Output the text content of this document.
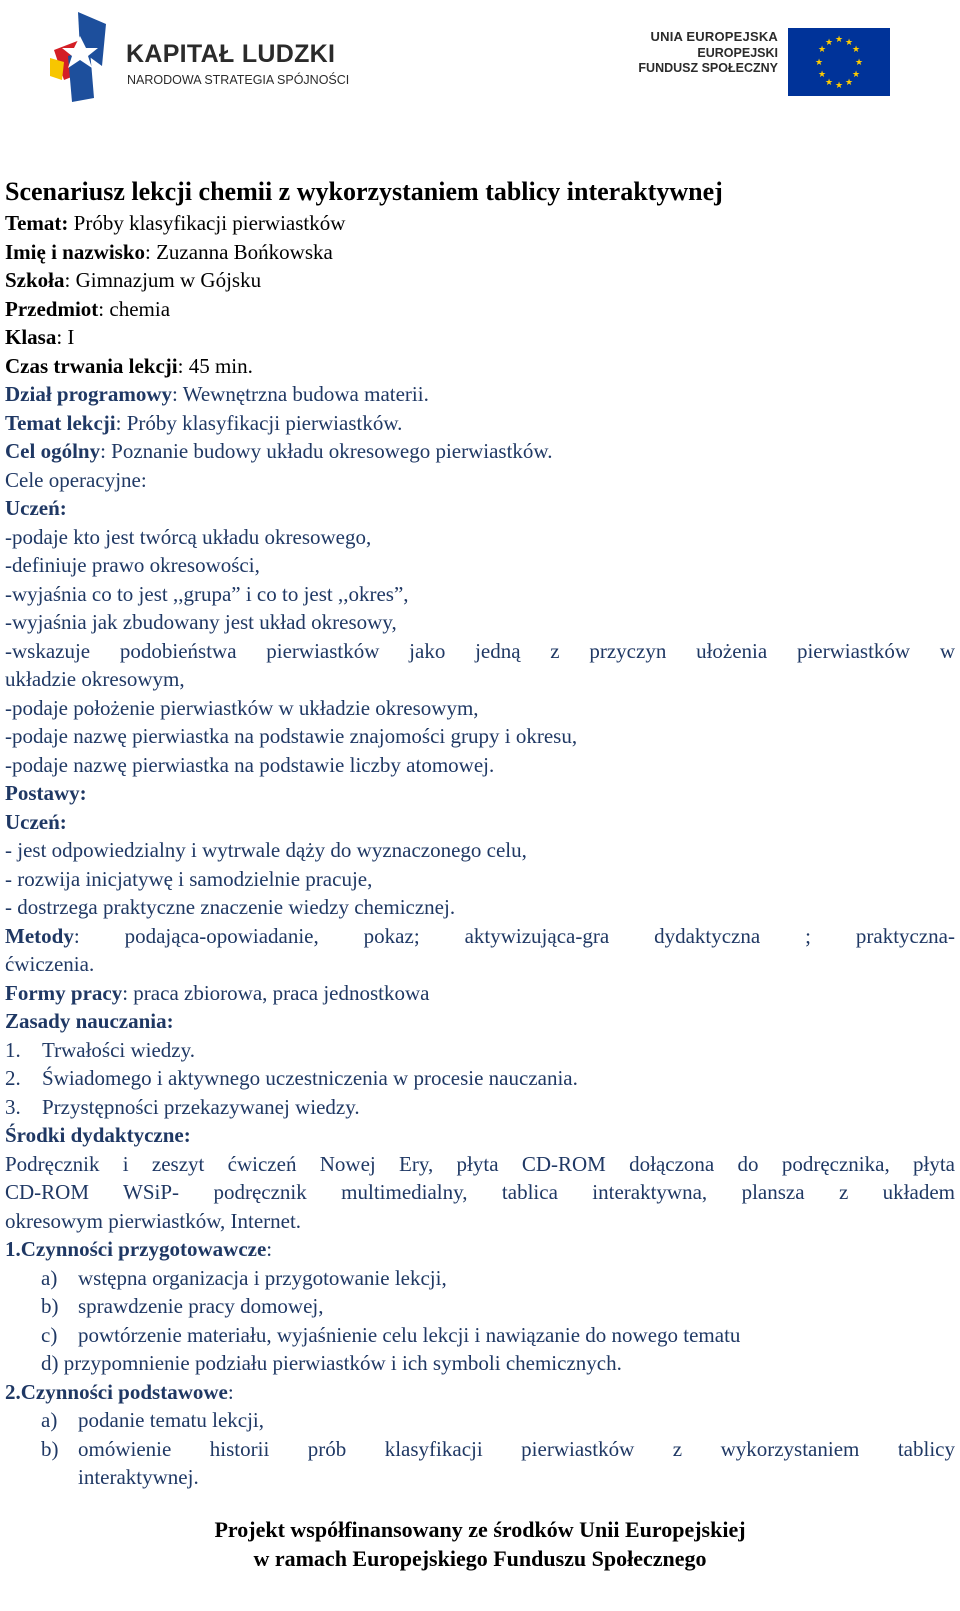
KAPITAŁ LUDZKI
NARODOWA STRATEGIA SPÓJNOŚCI
UNIA EUROPEJSKA
EUROPEJSKI
FUNDUSZ SPOŁECZNY
★ ★
★
★
★
★
★
★
★
★
★
★
Scenariusz lekcji chemii z wykorzystaniem tablicy interaktywnej
Temat: Próby klasyfikacji pierwiastków
Imię i nazwisko: Zuzanna Bońkowska
Szkoła: Gimnazjum w Gójsku
Przedmiot: chemia
Klasa: I
Czas trwania lekcji: 45 min.
Dział programowy: Wewnętrzna budowa materii.
Temat lekcji: Próby klasyfikacji pierwiastków.
Cel ogólny: Poznanie budowy układu okresowego pierwiastków.
Cele operacyjne:
Uczeń:
-podaje kto jest twórcą układu okresowego,
-definiuje prawo okresowości,
-wyjaśnia co to jest ,,grupa” i co to jest ,,okres”,
-wyjaśnia jak zbudowany jest układ okresowy,
-wskazuje podobieństwa pierwiastków jako jedną z przyczyn ułożenia pierwiastków w
układzie okresowym,
-podaje położenie pierwiastków w układzie okresowym,
-podaje nazwę pierwiastka na podstawie znajomości grupy i okresu,
-podaje nazwę pierwiastka na podstawie liczby atomowej.
Postawy:
Uczeń:
- jest odpowiedzialny i wytrwale dąży do wyznaczonego celu,
- rozwija inicjatywę i samodzielnie pracuje,
- dostrzega praktyczne znaczenie wiedzy chemicznej.
Metody: podająca-opowiadanie, pokaz; aktywizująca-gra dydaktyczna ; praktyczna-
ćwiczenia.
Formy pracy: praca zbiorowa, praca jednostkowa
Zasady nauczania:
1.	Trwałości wiedzy.
2.	Świadomego i aktywnego uczestniczenia w procesie nauczania.
3.	Przystępności przekazywanej wiedzy.
Środki dydaktyczne:
Podręcznik i zeszyt ćwiczeń Nowej Ery, płyta CD-ROM dołączona do podręcznika, płyta
CD-ROM WSiP- podręcznik multimedialny, tablica interaktywna, plansza z układem
okresowym pierwiastków, Internet.
1.Czynności przygotowawcze:
a) wstępna organizacja i przygotowanie lekcji,
b) sprawdzenie pracy domowej,
c) powtórzenie materiału, wyjaśnienie celu lekcji i nawiązanie do nowego tematu
d) przypomnienie podziału pierwiastków i ich symboli chemicznych.
2.Czynności podstawowe:
a) podanie tematu lekcji,
b) omówienie historii prób klasyfikacji pierwiastków z wykorzystaniem tablicy
interaktywnej.
Projekt współfinansowany ze środków Unii Europejskiej
w ramach Europejskiego Funduszu Społecznego
